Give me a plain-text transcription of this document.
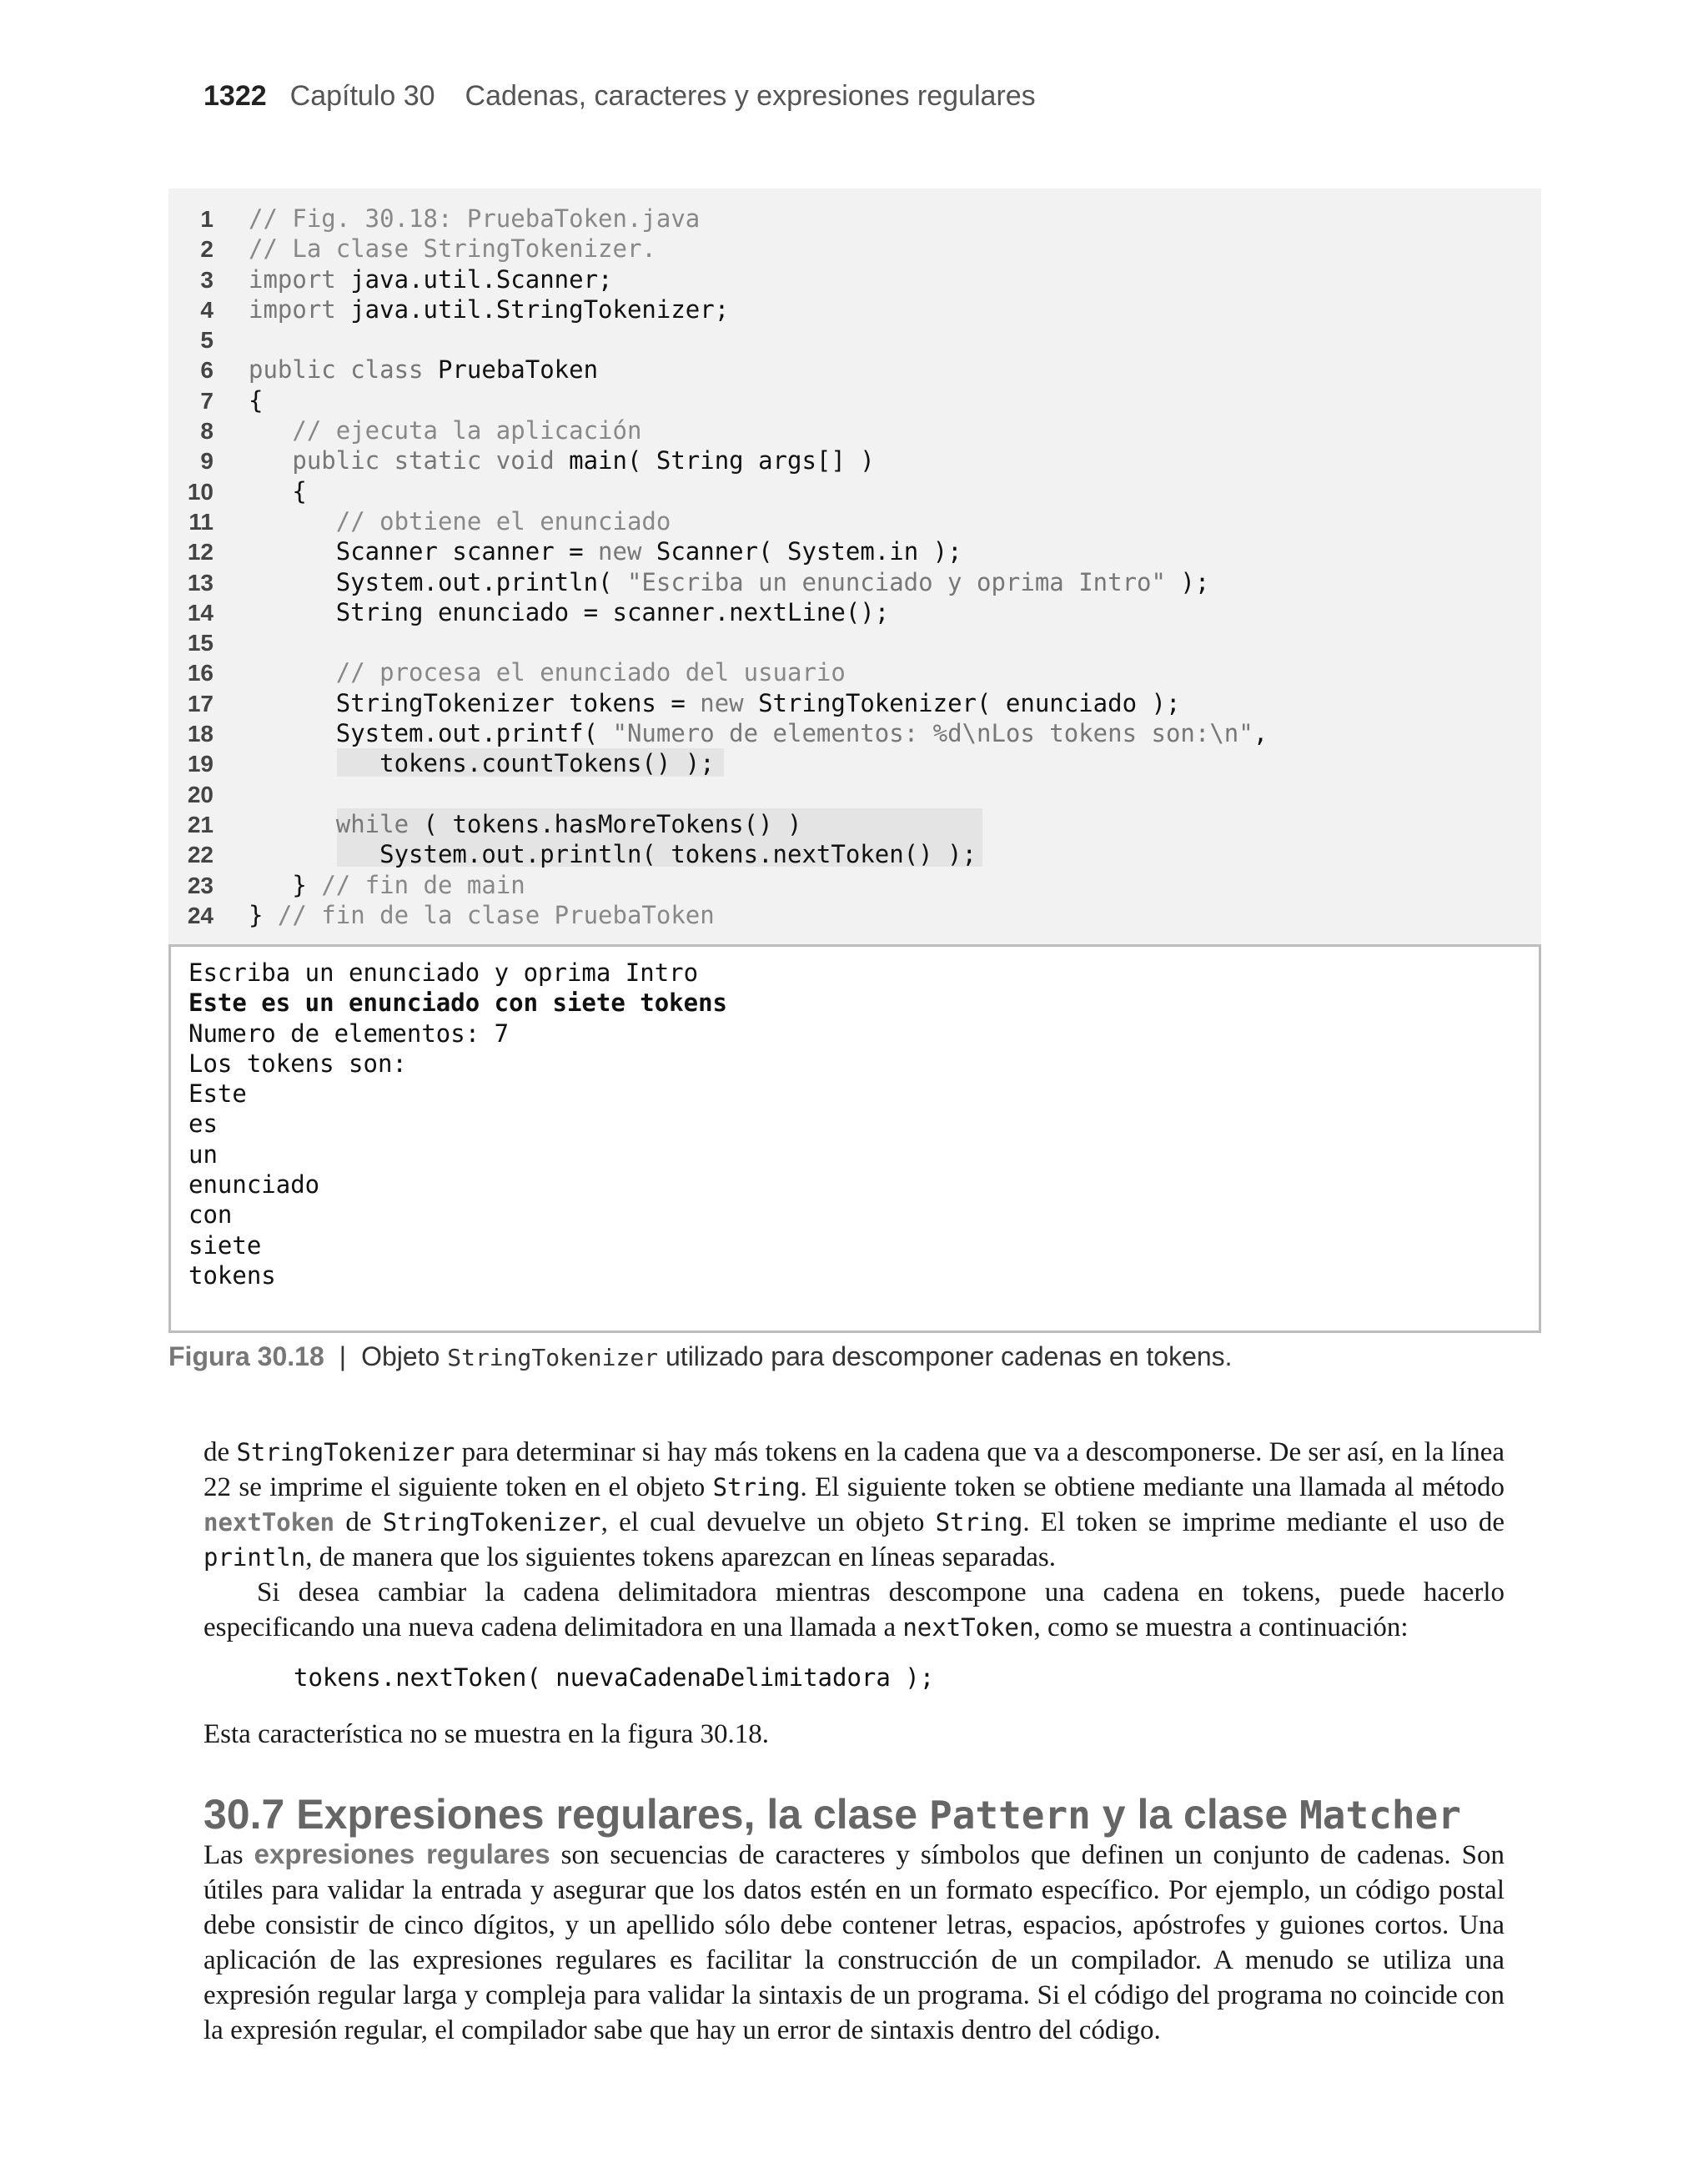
1322 Capítulo 30 Cadenas, caracteres y expresiones regulares
1 // Fig. 30.18: PruebaToken.java
2 // La clase StringTokenizer.
3 import java.util.Scanner;
4 import java.util.StringTokenizer;
5
6 public class PruebaToken
7 {
8   // ejecuta la aplicación
9   public static void main( String args[] )
10   {
11      // obtiene el enunciado
12      Scanner scanner = new Scanner( System.in );
13      System.out.println( "Escriba un enunciado y oprima Intro" );
14      String enunciado = scanner.nextLine();
15
16      // procesa el enunciado del usuario
17      StringTokenizer tokens = new StringTokenizer( enunciado );
18      System.out.printf( "Numero de elementos: %d\nLos tokens son:\n",
19         tokens.countTokens() );
20
21      while ( tokens.hasMoreTokens() )
22         System.out.println( tokens.nextToken() );
23   } // fin de main
24 } // fin de la clase PruebaToken
Escriba un enunciado y oprima Intro
Este es un enunciado con siete tokens
Numero de elementos: 7
Los tokens son:
Este
es
un
enunciado
con
siete
tokens
Figura 30.18 | Objeto StringTokenizer utilizado para descomponer cadenas en tokens.
de StringTokenizer para determinar si hay más tokens en la cadena que va a descomponerse. De ser así, en la línea 22 se imprime el siguiente token en el objeto String. El siguiente token se obtiene mediante una llamada al método nextToken de StringTokenizer, el cual devuelve un objeto String. El token se imprime mediante el uso de println, de manera que los siguientes tokens aparezcan en líneas separadas.
Si desea cambiar la cadena delimitadora mientras descompone una cadena en tokens, puede hacerlo especificando una nueva cadena delimitadora en una llamada a nextToken, como se muestra a continuación:
tokens.nextToken( nuevaCadenaDelimitadora );
Esta característica no se muestra en la figura 30.18.
30.7 Expresiones regulares, la clase Pattern y la clase Matcher
Las expresiones regulares son secuencias de caracteres y símbolos que definen un conjunto de cadenas. Son útiles para validar la entrada y asegurar que los datos estén en un formato específico. Por ejemplo, un código postal debe consistir de cinco dígitos, y un apellido sólo debe contener letras, espacios, apóstrofes y guiones cortos. Una aplicación de las expresiones regulares es facilitar la construcción de un compilador. A menudo se utiliza una expresión regular larga y compleja para validar la sintaxis de un programa. Si el código del programa no coincide con la expresión regular, el compilador sabe que hay un error de sintaxis dentro del código.
